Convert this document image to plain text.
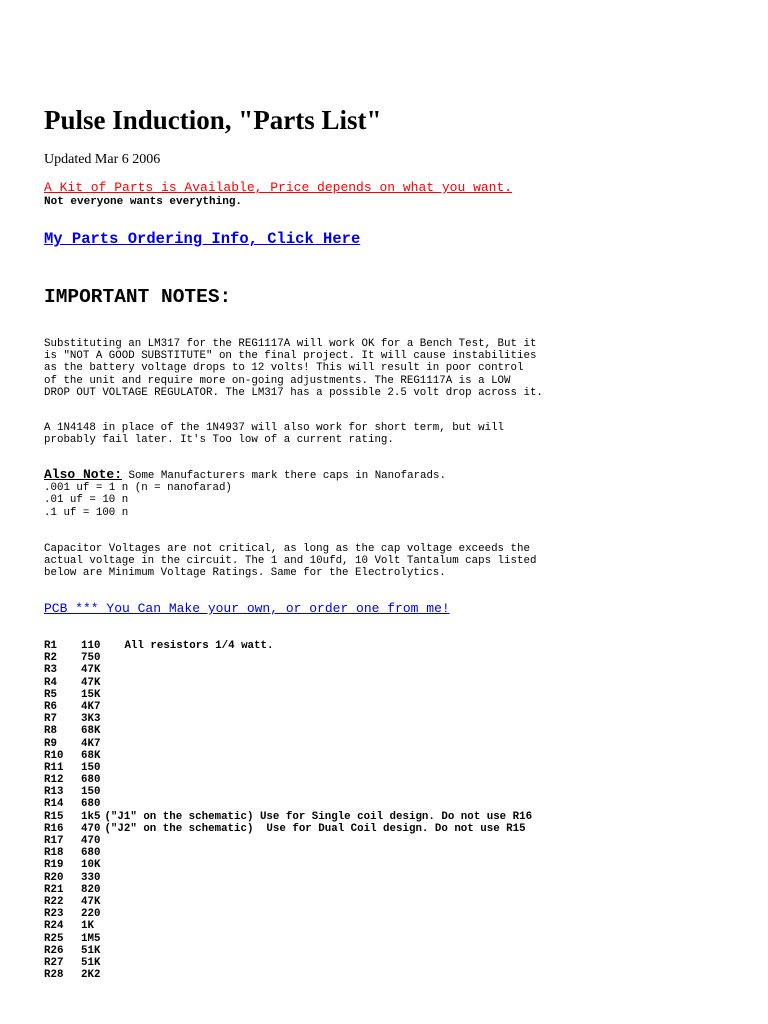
Pulse Induction, "Parts List"
Updated Mar 6 2006
A Kit of Parts is Available, Price depends on what you want.
Not everyone wants everything.
My Parts Ordering Info, Click Here
IMPORTANT NOTES:

Substituting an LM317 for the REG1117A will work OK for a Bench Test, But it
is "NOT A GOOD SUBSTITUTE" on the final project. It will cause instabilities
as the battery voltage drops to 12 volts! This will result in poor control
of the unit and require more on-going adjustments. The REG1117A is a LOW
DROP OUT VOLTAGE REGULATOR. The LM317 has a possible 2.5 volt drop across it.

A 1N4148 in place of the 1N4937 will also work for short term, but will
probably fail later. It's Too low of a current rating.

Also Note: Some Manufacturers mark there caps in Nanofarads.
.001 uf = 1 n (n = nanofarad)
.01 uf = 10 n
.1 uf = 100 n

Capacitor Voltages are not critical, as long as the cap voltage exceeds the
actual voltage in the circuit. The 1 and 10ufd, 10 Volt Tantalum caps listed
below are Minimum Voltage Ratings. Same for the Electrolytics.

PCB *** You Can Make your own, or order one from me!
R1	110 All resistors 1/4 watt.
R2	750
R3	47K
R4	47K
R5	15K
R6	4K7
R7	3K3
R8	68K
R9	4K7
R10	68K
R11	150
R12	680
R13	150
R14	680
R15	1k5 ("J1" on the schematic) Use for Single coil design. Do not use R16
R16	470 ("J2" on the schematic)  Use for Dual Coil design. Do not use R15
R17	470
R18	680
R19	10K
R20	330
R21	820
R22	47K
R23	220
R24	1K
R25	1M5
R26	51K
R27	51K
R28	2K2
